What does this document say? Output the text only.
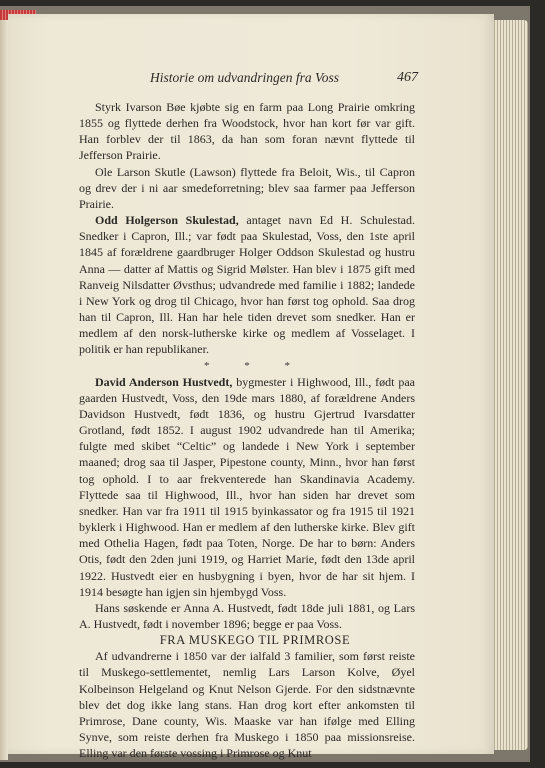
Historie om udvandringen fra Voss	467

Styrk Ivarson Bøe kjøbte sig en farm paa Long Prairie omkring 1855 og flyttede derhen fra Woodstock, hvor han kort før var gift. Han forblev der til 1863, da han som foran nævnt flyttede til Jefferson Prairie.

Ole Larson Skutle (Lawson) flyttede fra Beloit, Wis., til Capron og drev der i ni aar smedeforretning; blev saa farmer paa Jefferson Prairie.

Odd Holgerson Skulestad, antaget navn Ed H. Schulestad. Snedker i Capron, Ill.; var født paa Skulestad, Voss, den 1ste april 1845 af forældrene gaardbruger Holger Oddson Skulestad og hustru Anna — datter af Mattis og Sigrid Mølster. Han blev i 1875 gift med Ranveig Nilsdatter Øvsthus; udvandrede med familie i 1882; landede i New York og drog til Chicago, hvor han først tog ophold. Saa drog han til Capron, Ill. Han har hele tiden drevet som snedker. Han er medlem af den norsk-lutherske kirke og medlem af Vosselaget. I politik er han republikaner.

* * *

David Anderson Hustvedt, bygmester i Highwood, Ill., født paa gaarden Hustvedt, Voss, den 19de mars 1880, af forældrene Anders Davidson Hustvedt, født 1836, og hustru Gjertrud Ivarsdatter Grotland, født 1852. I august 1902 udvandrede han til Amerika; fulgte med skibet “Celtic” og landede i New York i september maaned; drog saa til Jasper, Pipestone county, Minn., hvor han først tog ophold. I to aar frekventerede han Skandinavia Academy. Flyttede saa til Highwood, Ill., hvor han siden har drevet som snedker. Han var fra 1911 til 1915 byinkassator og fra 1915 til 1921 byklerk i Highwood. Han er medlem af den lutherske kirke. Blev gift med Othelia Hagen, født paa Toten, Norge. De har to børn: Anders Otis, født den 2den juni 1919, og Harriet Marie, født den 13de april 1922. Hustvedt eier en husbygning i byen, hvor de har sit hjem. I 1914 besøgte han igjen sin hjembygd Voss.

Hans søskende er Anna A. Hustvedt, født 18de juli 1881, og Lars A. Hustvedt, født i november 1896; begge er paa Voss.

FRA MUSKEGO TIL PRIMROSE

Af udvandrerne i 1850 var der ialfald 3 familier, som først reiste til Muskego-settlementet, nemlig Lars Larson Kolve, Øyel Kolbeinson Helgeland og Knut Nelson Gjerde. For den sidstnævnte blev det dog ikke lang stans. Han drog kort efter ankomsten til Primrose, Dane county, Wis. Maaske var han ifølge med Elling Synve, som reiste derhen fra Muskego i 1850 paa missionsreise. Elling var den første vossing i Primrose og Knut
